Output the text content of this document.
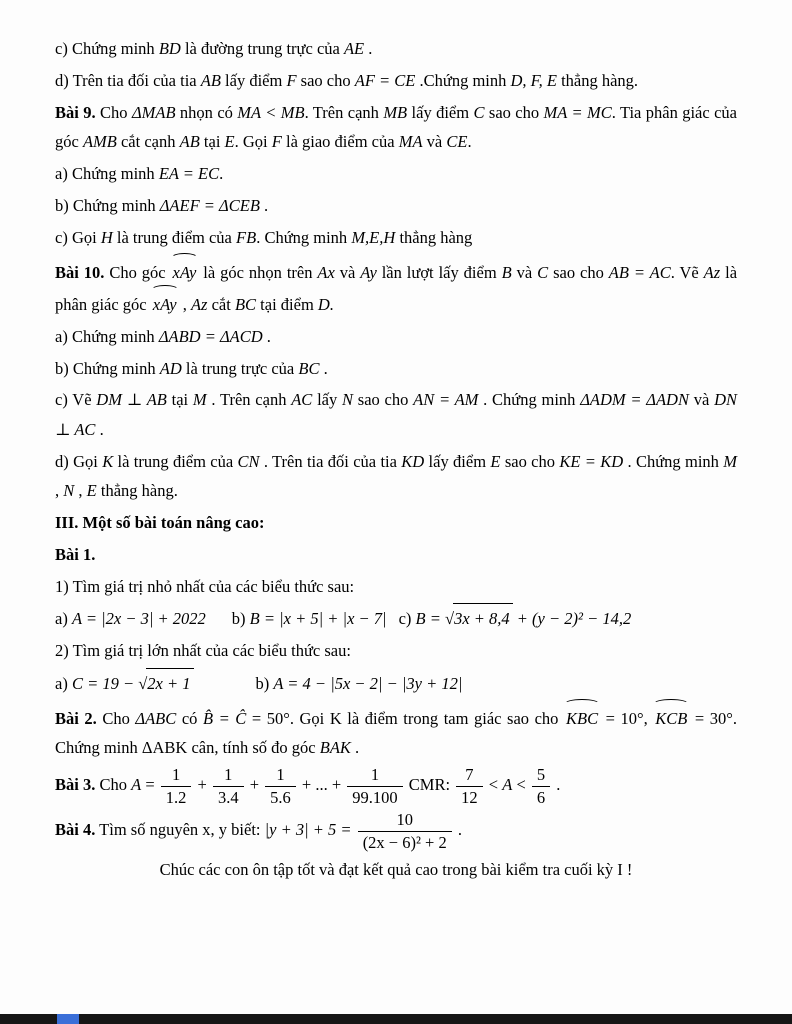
c) Chứng minh BD là đường trung trực của AE .

d) Trên tia đối của tia AB lấy điểm F sao cho AF = CE .Chứng minh D, F, E thẳng hàng.

Bài 9. Cho ΔMAB nhọn có MA < MB. Trên cạnh MB lấy điểm C sao cho MA = MC. Tia phân giác của góc AMB cắt cạnh AB tại E. Gọi F là giao điểm của MA và CE.

a) Chứng minh EA = EC.

b) Chứng minh ΔAEF = ΔCEB .

c) Gọi H là trung điểm của FB. Chứng minh M,E,H thẳng hàng

Bài 10. Cho góc xAy là góc nhọn trên Ax và Ay lần lượt lấy điểm B và C sao cho AB = AC. Vẽ Az là phân giác góc xAy , Az cắt BC tại điểm D.

a) Chứng minh ΔABD = ΔACD .

b) Chứng minh AD là trung trực của BC .

c) Vẽ DM ⊥ AB tại M . Trên cạnh AC lấy N sao cho AN = AM . Chứng minh ΔADM = ΔADN và DN ⊥ AC .

d) Gọi K là trung điểm của CN . Trên tia đối của tia KD lấy điểm E sao cho KE = KD . Chứng minh M , N , E thẳng hàng.

III. Một số bài toán nâng cao:

Bài 1.

1) Tìm giá trị nhỏ nhất của các biểu thức sau:

a) A = |2x − 3| + 2022 b) B = |x + 5| + |x − 7| c) B = √3x + 8,4 + (y − 2)² − 14,2

2) Tìm giá trị lớn nhất của các biểu thức sau:

a) C = 19 − √2x + 1	b) A = 4 − |5x − 2| − |3y + 12|

Bài 2. Cho ΔABC có B̂ = Ĉ = 50°. Gọi K là điểm trong tam giác sao cho KBC = 10°, KCB = 30°. Chứng minh ΔABK cân, tính số đo góc BAK .

Bài 3. Cho $A = \frac{1}{1.2} + \frac{1}{3.4} + \frac{1}{5.6}$ + ... + $\frac{1}{99.100}$ CMR: $\frac{7}{12} < A < \frac{5}{6}$ .

Bài 4. Tìm số nguyên x, y biết: $|y + 3| + 5 = \frac{10}{\text{(2x − 6)² + 2}}$ .

Chúc các con ôn tập tốt và đạt kết quả cao trong bài kiểm tra cuối kỳ I !
